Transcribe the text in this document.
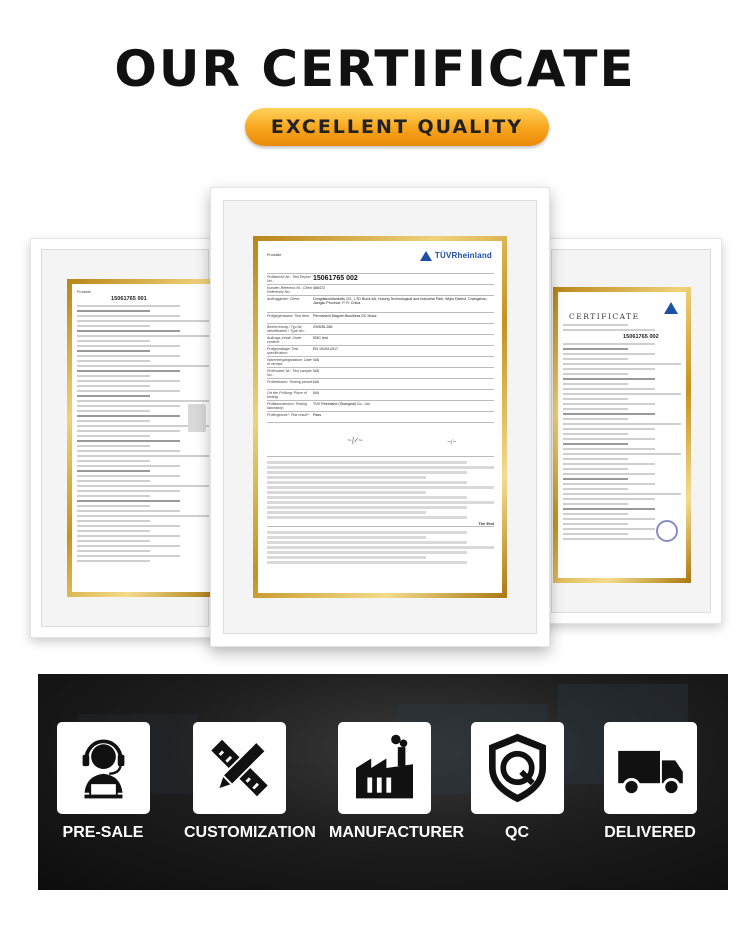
OUR CERTIFICATE
EXCELLENT QUALITY
Produkte
15061765 001
CERTIFICATE
15061765 002
Produkte	TÜVRheinland
Prüfbericht-Nr.: Test Report No.:	15061765 002
Kunden-Referenz-Nr.: Client Reference No.:
466472
Auftraggeber: Client:	Dongdianxidiankelis CO., LTD Block 6A, Hulong Technological and Industrial Park, Wujin District, Changzhou, Jiangsu Province, P. R. China
Prüfgegenstand: Test item: Permanent Magnet Brushless DC Motor
Bezeichnung / Typ-Nr.: Identification / Type No.:
ZWD36-285
Auftrags-Inhalt: Order content:
EMC test
Prüfgrundlage: Test specification:
EN 15194:2017
Wareneingangsdatum: Date of receipt:
N/A
Prüfmuster-Nr.: Test sample No.:
N/A
Prüfzeitraum: Testing period: N/A
Ort der Prüfung: Place of testing:
N/A
Prüflaboratorium: Testing laboratory:
TÜV Rheinland (Shanghai) Co., Ltd.
Prüfergebnis*: Test result*: Pass
~ɭ𝓁 ~	~ʃ~
The End
PRE-SALE	CUSTOMIZATION MANUFACTURER	QC	DELIVERED
